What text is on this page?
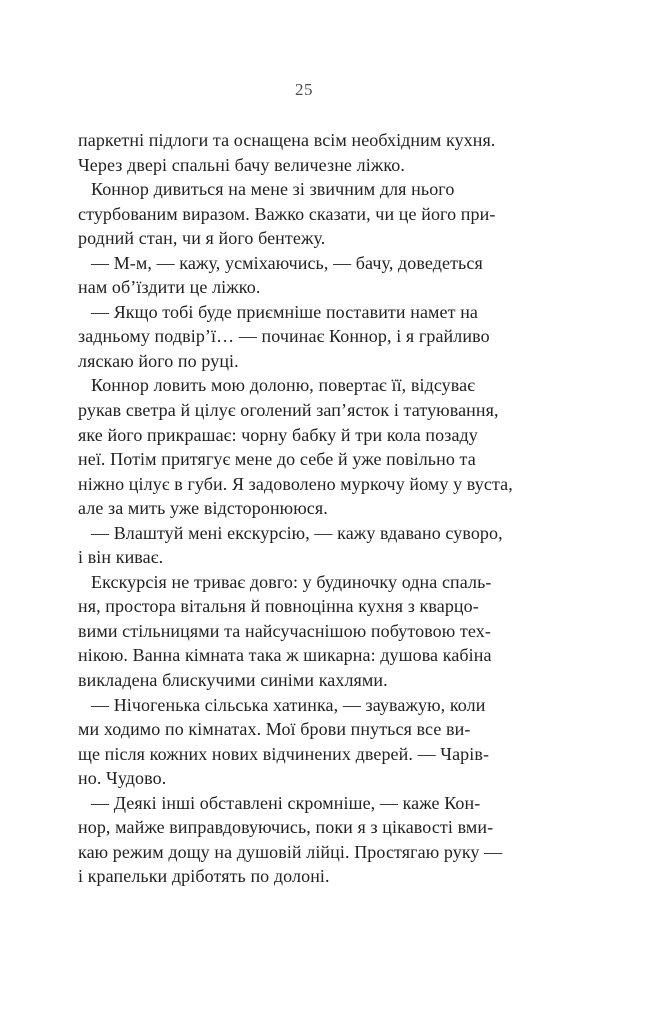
25
паркетні підлоги та оснащена всім необхідним кухня.
Через двері спальні бачу величезне ліжко.
Коннор дивиться на мене зі звичним для нього
стурбованим виразом. Важко сказати, чи це його при-
родний стан, чи я його бентежу.
— М-м, — кажу, усміхаючись, — бачу, доведеться
нам об’їздити це ліжко.
— Якщо тобі буде приємніше поставити намет на
задньому подвір’ї… — починає Коннор, і я грайливо
ляскаю його по руці.
Коннор ловить мою долоню, повертає її, відсуває
рукав светра й цілує оголений зап’ясток і татуювання,
яке його прикрашає: чорну бабку й три кола позаду
неї. Потім притягує мене до себе й уже повільно та
ніжно цілує в губи. Я задоволено муркочу йому у вуста,
але за мить уже відсторонююся.
— Влаштуй мені екскурсію, — кажу вдавано суворо,
і він киває.
Екскурсія не триває довго: у будиночку одна спаль-
ня, простора вітальня й повноцінна кухня з кварцо-
вими стільницями та найсучаснішою побутовою тех-
нікою. Ванна кімната така ж шикарна: душова кабіна
викладена блискучими синіми кахлями.
— Нічогенька сільська хатинка, — зауважую, коли
ми ходимо по кімнатах. Мої брови пнуться все ви-
ще після кожних нових відчинених дверей. — Чарів-
но. Чудово.
— Деякі інші обставлені скромніше, — каже Кон-
нор, майже виправдовуючись, поки я з цікавості вми-
каю режим дощу на душовій лійці. Простягаю руку —
і крапельки дріботять по долоні.
